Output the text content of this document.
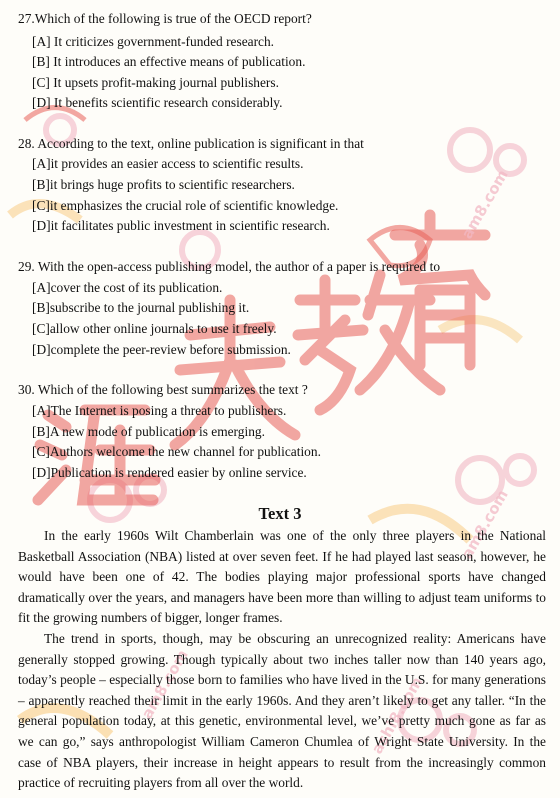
am8.com
am8.com
am8.com	ashi8.com
27.Which of the following is true of the OECD report?
[A] It criticizes government-funded research.
[B] It introduces an effective means of publication.
[C] It upsets profit-making journal publishers.
[D] It benefits scientific research considerably.
28. According to the text, online publication is significant in that
[A]it provides an easier access to scientific results.
[B]it brings huge profits to scientific researchers.
[C]it emphasizes the crucial role of scientific knowledge.
[D]it facilitates public investment in scientific research.
29. With the open-access publishing model, the author of a paper is required to
[A]cover the cost of its publication.
[B]subscribe to the journal publishing it.
[C]allow other online journals to use it freely.
[D]complete the peer-review before submission.
30. Which of the following best summarizes the text ?
[A]The Internet is posing a threat to publishers.
[B]A new mode of publication is emerging.
[C]Authors welcome the new channel for publication.
[D]Publication is rendered easier by online service.
Text 3
In the early 1960s Wilt Chamberlain was one of the only three players in the National Basketball Association (NBA) listed at over seven feet. If he had played last season, however, he would have been one of 42. The bodies playing major professional sports have changed dramatically over the years, and managers have been more than willing to adjust team uniforms to fit the growing numbers of bigger, longer frames.
The trend in sports, though, may be obscuring an unrecognized reality: Americans have generally stopped growing. Though typically about two inches taller now than 140 years ago, today’s people – especially those born to families who have lived in the U.S. for many generations – apparently reached their limit in the early 1960s. And they aren’t likely to get any taller. “In the general population today, at this genetic, environmental level, we’ve pretty much gone as far as we can go,” says anthropologist William Cameron Chumlea of Wright State University. In the case of NBA players, their increase in height appears to result from the increasingly common practice of recruiting players from all over the world.
